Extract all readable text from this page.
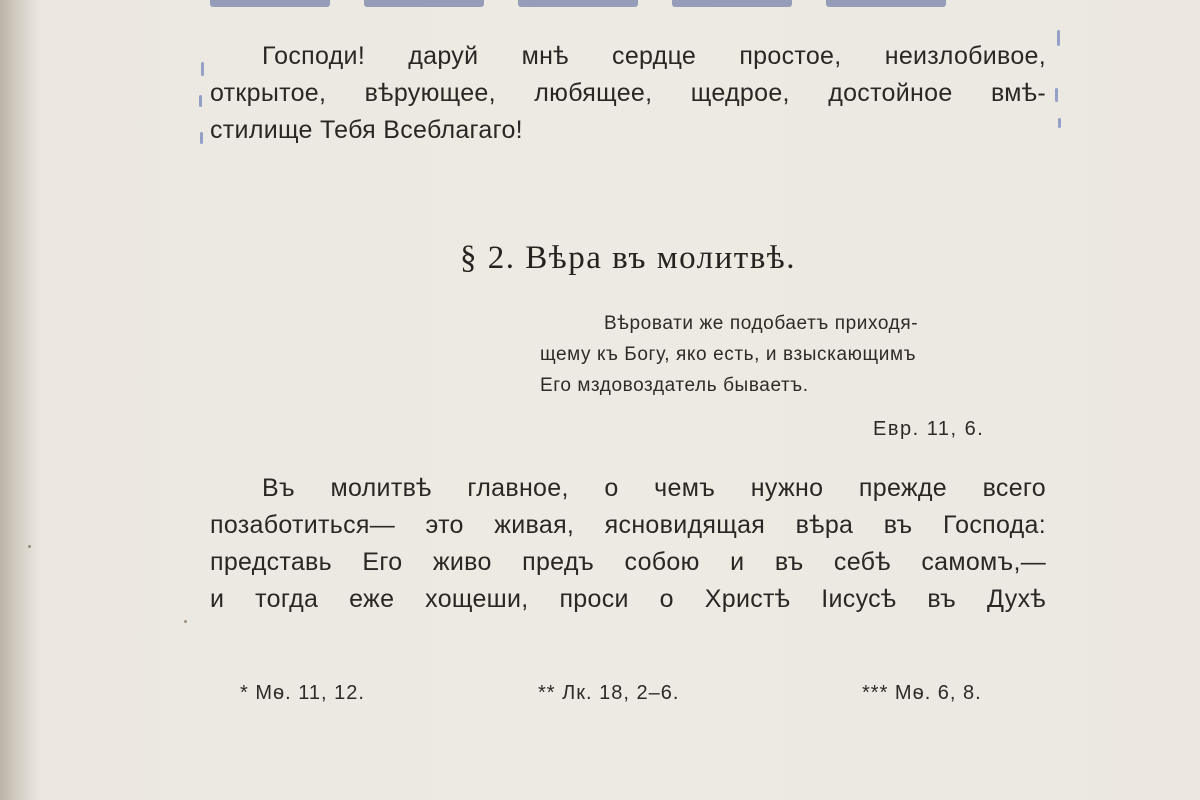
Господи! даруй мнѣ сердце простое, неизлобивое,
открытое, вѣрующее, любящее, щедрое, достойное вмѣ-
стилище Тебя Всеблагаго!
§ 2. Вѣра въ молитвѣ.
Вѣровати же подобаетъ приходя-
щему къ Богу, яко есть, и взыскающимъ
Его мздовоздатель бываетъ.
Евр. 11, 6.
Въ молитвѣ главное, о чемъ нужно прежде всего
позаботиться— это живая, ясновидящая вѣра въ Господа:
представь Его живо предъ собою и въ себѣ самомъ,—
и тогда еже хощеши, проси о Христѣ Іисусѣ въ Духѣ
* Мѳ. 11, 12.	** Лк. 18, 2–6.	*** Мѳ. 6, 8.
